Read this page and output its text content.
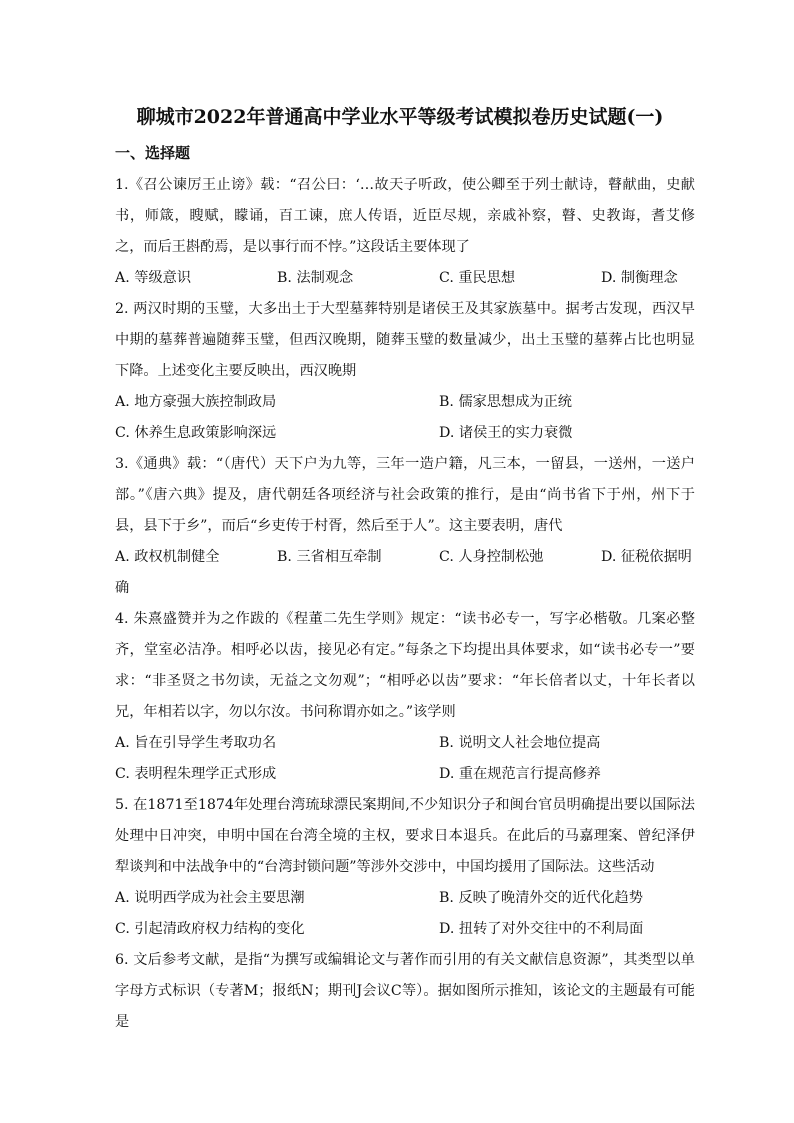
聊城市2022年普通高中学业水平等级考试模拟卷历史试题(一)
一、选择题
1.《召公谏厉王止谤》载：“召公曰：‘…故天子听政，使公卿至于列士献诗，瞽献曲，史献书，师箴，瞍赋，矇诵，百工谏，庶人传语，近臣尽规，亲戚补察，瞽、史教诲，耆艾修之，而后王斟酌焉，是以事行而不悖。”这段话主要体现了
A. 等级意识	B. 法制观念	C. 重民思想	D. 制衡理念
2. 两汉时期的玉璧，大多出土于大型墓葬特别是诸侯王及其家族墓中。据考古发现，西汉早中期的墓葬普遍随葬玉璧，但西汉晚期，随葬玉璧的数量减少，出土玉璧的墓葬占比也明显下降。上述变化主要反映出，西汉晚期
A. 地方豪强大族控制政局	B. 儒家思想成为正统
C. 休养生息政策影响深远	D. 诸侯王的实力衰微
3.《通典》载：“（唐代）天下户为九等，三年一造户籍，凡三本，一留县，一送州，一送户部。”《唐六典》提及，唐代朝廷各项经济与社会政策的推行，是由“尚书省下于州，州下于县，县下于乡”，而后“乡吏传于村胥，然后至于人”。这主要表明，唐代
A. 政权机制健全	B. 三省相互牵制	C. 人身控制松弛	D. 征税依据明
确
4. 朱熹盛赞并为之作跋的《程董二先生学则》规定：“读书必专一，写字必楷敬。几案必整齐，堂室必洁净。相呼必以齿，接见必有定。”每条之下均提出具体要求，如“读书必专一”要求：“非圣贤之书勿读，无益之文勿观”；“相呼必以齿”要求：“年长倍者以丈，十年长者以兄，年相若以字，勿以尔汝。书问称谓亦如之。”该学则
A. 旨在引导学生考取功名	B. 说明文人社会地位提高
C. 表明程朱理学正式形成	D. 重在规范言行提高修养
5. 在1871至1874年处理台湾琉球漂民案期间,不少知识分子和闽台官员明确提出要以国际法处理中日冲突，申明中国在台湾全境的主权，要求日本退兵。在此后的马嘉理案、曾纪泽伊犁谈判和中法战争中的“台湾封锁问题”等涉外交涉中，中国均援用了国际法。这些活动
A. 说明西学成为社会主要思潮	B. 反映了晚清外交的近代化趋势
C. 引起清政府权力结构的变化	D. 扭转了对外交往中的不利局面
6. 文后参考文献，是指“为撰写或编辑论文与著作而引用的有关文献信息资源”，其类型以单字母方式标识（专著M；报纸N；期刊J会议C等）。据如图所示推知，该论文的主题最有可能是
